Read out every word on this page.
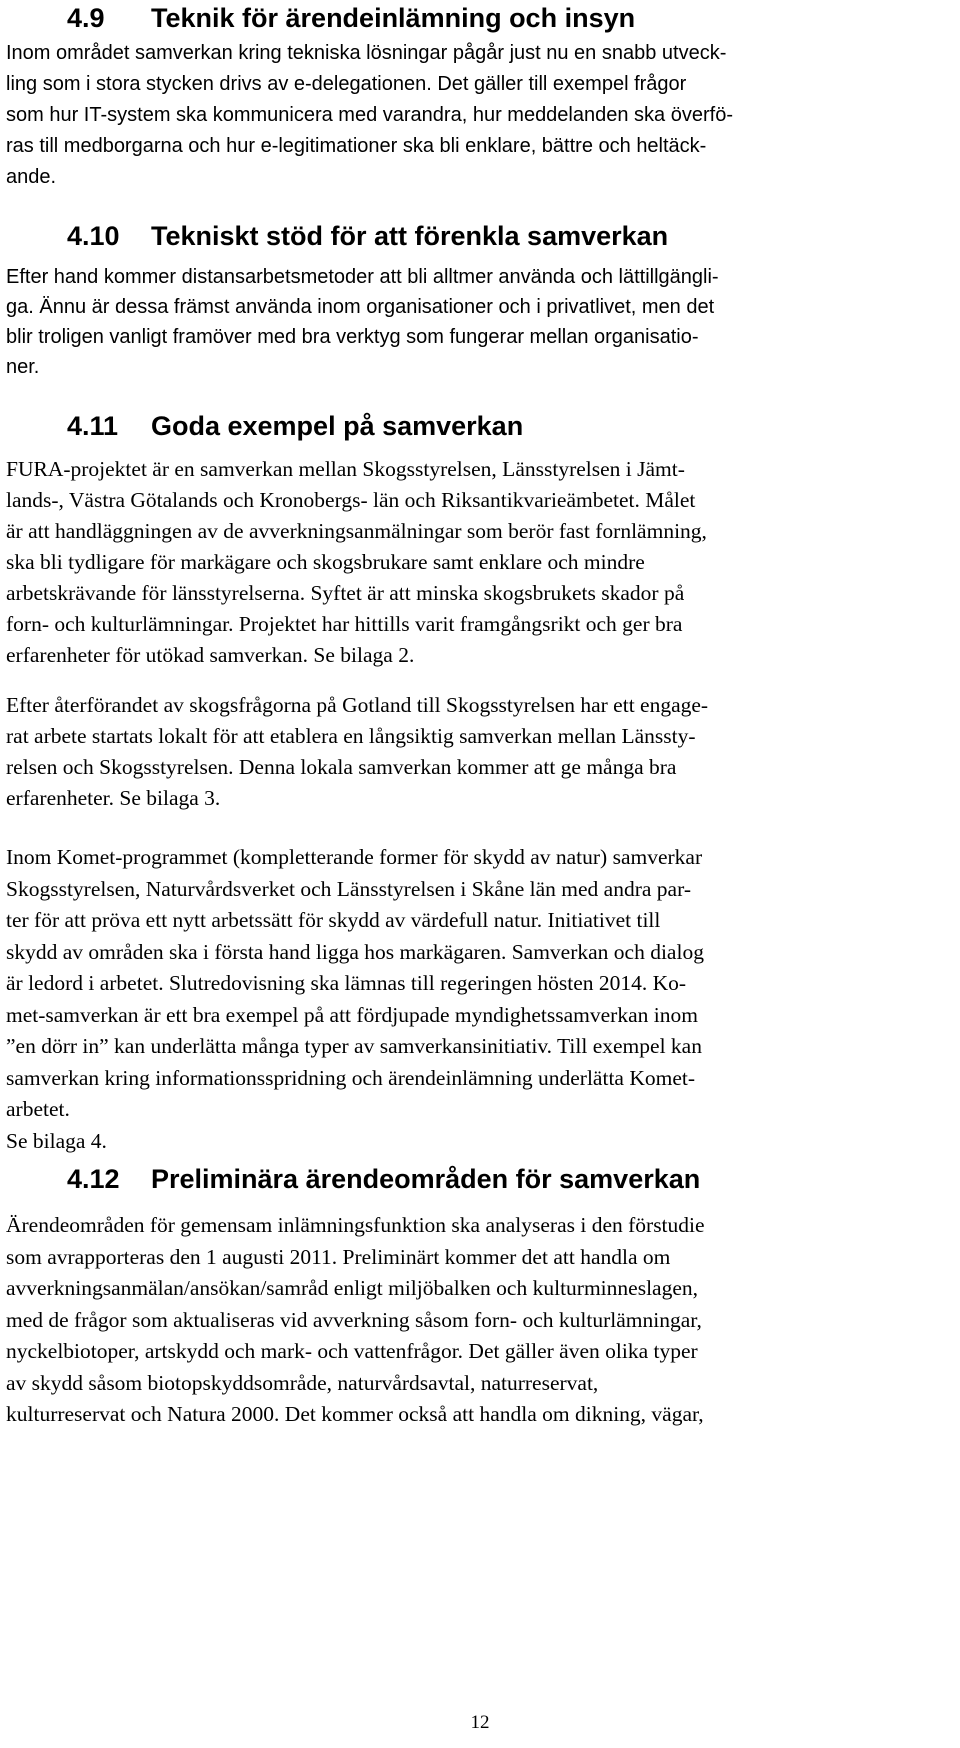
4.9 Teknik för ärendeinlämning och insyn
Inom området samverkan kring tekniska lösningar pågår just nu en snabb utveck-
ling som i stora stycken drivs av e-delegationen. Det gäller till exempel frågor
som hur IT-system ska kommunicera med varandra, hur meddelanden ska överfö-
ras till medborgarna och hur e-legitimationer ska bli enklare, bättre och heltäck-
ande.
4.10 Tekniskt stöd för att förenkla samverkan
Efter hand kommer distansarbetsmetoder att bli alltmer använda och lättillgängli-
ga. Ännu är dessa främst använda inom organisationer och i privatlivet, men det
blir troligen vanligt framöver med bra verktyg som fungerar mellan organisatio-
ner.
4.11 Goda exempel på samverkan
FURA-projektet är en samverkan mellan Skogsstyrelsen, Länsstyrelsen i Jämt-
lands-, Västra Götalands och Kronobergs- län och Riksantikvarieämbetet. Målet
är att handläggningen av de avverkningsanmälningar som berör fast fornlämning,
ska bli tydligare för markägare och skogsbrukare samt enklare och mindre
arbetskrävande för länsstyrelserna. Syftet är att minska skogsbrukets skador på
forn- och kulturlämningar. Projektet har hittills varit framgångsrikt och ger bra
erfarenheter för utökad samverkan. Se bilaga 2.
Efter återförandet av skogsfrågorna på Gotland till Skogsstyrelsen har ett engage-
rat arbete startats lokalt för att etablera en långsiktig samverkan mellan Länssty-
relsen och Skogsstyrelsen. Denna lokala samverkan kommer att ge många bra
erfarenheter. Se bilaga 3.
Inom Komet-programmet (kompletterande former för skydd av natur) samverkar
Skogsstyrelsen, Naturvårdsverket och Länsstyrelsen i Skåne län med andra par-
ter för att pröva ett nytt arbetssätt för skydd av värdefull natur. Initiativet till
skydd av områden ska i första hand ligga hos markägaren. Samverkan och dialog
är ledord i arbetet. Slutredovisning ska lämnas till regeringen hösten 2014. Ko-
met-samverkan är ett bra exempel på att fördjupade myndighetssamverkan inom
”en dörr in” kan underlätta många typer av samverkansinitiativ. Till exempel kan
samverkan kring informationsspridning och ärendeinlämning underlätta Komet-
arbetet.
Se bilaga 4.
4.12 Preliminära ärendeområden för samverkan
Ärendeområden för gemensam inlämningsfunktion ska analyseras i den förstudie
som avrapporteras den 1 augusti 2011. Preliminärt kommer det att handla om
avverkningsanmälan/ansökan/samråd enligt miljöbalken och kulturminneslagen,
med de frågor som aktualiseras vid avverkning såsom forn- och kulturlämningar,
nyckelbiotoper, artskydd och mark- och vattenfrågor. Det gäller även olika typer
av skydd såsom biotopskyddsområde, naturvårdsavtal, naturreservat,
kulturreservat och Natura 2000. Det kommer också att handla om dikning, vägar,
12
